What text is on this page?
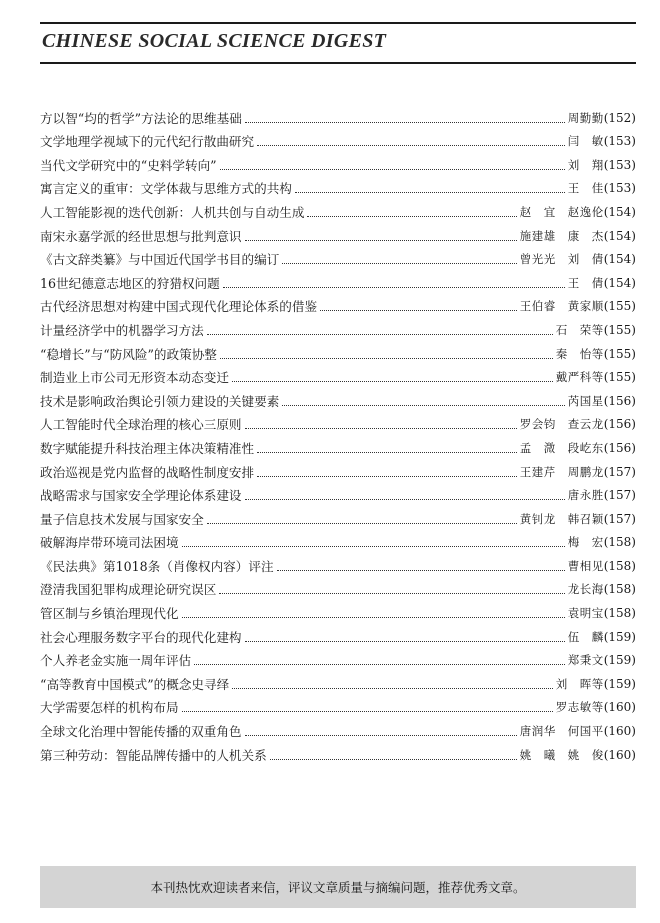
CHINESE SOCIAL SCIENCE DIGEST
方以智“均的哲学”方法论的思维基础	周勤勤 (152)
文学地理学视域下的元代纪行散曲研究	闫　敏 (153)
当代文学研究中的“史料学转向”	刘　翔 (153)
寓言定义的重审：文学体裁与思维方式的共构	王　佳 (153)
人工智能影视的迭代创新：人机共创与自动生成	赵　宜　赵逸伦 (154)
南宋永嘉学派的经世思想与批判意识	施建雄　康　杰 (154)
《古文辞类纂》与中国近代国学书目的编订	曾光光　刘　倩 (154)
16世纪德意志地区的狩猎权问题	王　倩 (154)
古代经济思想对构建中国式现代化理论体系的借鉴	王伯睿　黄家顺 (155)
计量经济学中的机器学习方法	石　荣等 (155)
“稳增长”与“防风险”的政策协整	秦　怡等 (155)
制造业上市公司无形资本动态变迁	戴严科等 (155)
技术是影响政治舆论引领力建设的关键要素	芮国星 (156)
人工智能时代全球治理的核心三原则	罗会钧　查云龙 (156)
数字赋能提升科技治理主体决策精准性	孟　溦　段屹东 (156)
政治巡视是党内监督的战略性制度安排	王建芹　周鹏龙 (157)
战略需求与国家安全学理论体系建设	唐永胜 (157)
量子信息技术发展与国家安全	黄钊龙　韩召颖 (157)
破解海岸带环境司法困境	梅　宏 (158)
《民法典》第1018条（肖像权内容）评注	曹相见 (158)
澄清我国犯罪构成理论研究误区	龙长海 (158)
管区制与乡镇治理现代化	袁明宝 (158)
社会心理服务数字平台的现代化建构	伍　麟 (159)
个人养老金实施一周年评估	郑秉文 (159)
“高等教育中国模式”的概念史寻绎	刘　晖等 (159)
大学需要怎样的机构布局	罗志敏等 (160)
全球文化治理中智能传播的双重角色	唐润华　何国平 (160)
第三种劳动：智能品牌传播中的人机关系	姚　曦　姚　俊 (160)
本刊热忱欢迎读者来信，评议文章质量与摘编问题，推荐优秀文章。
